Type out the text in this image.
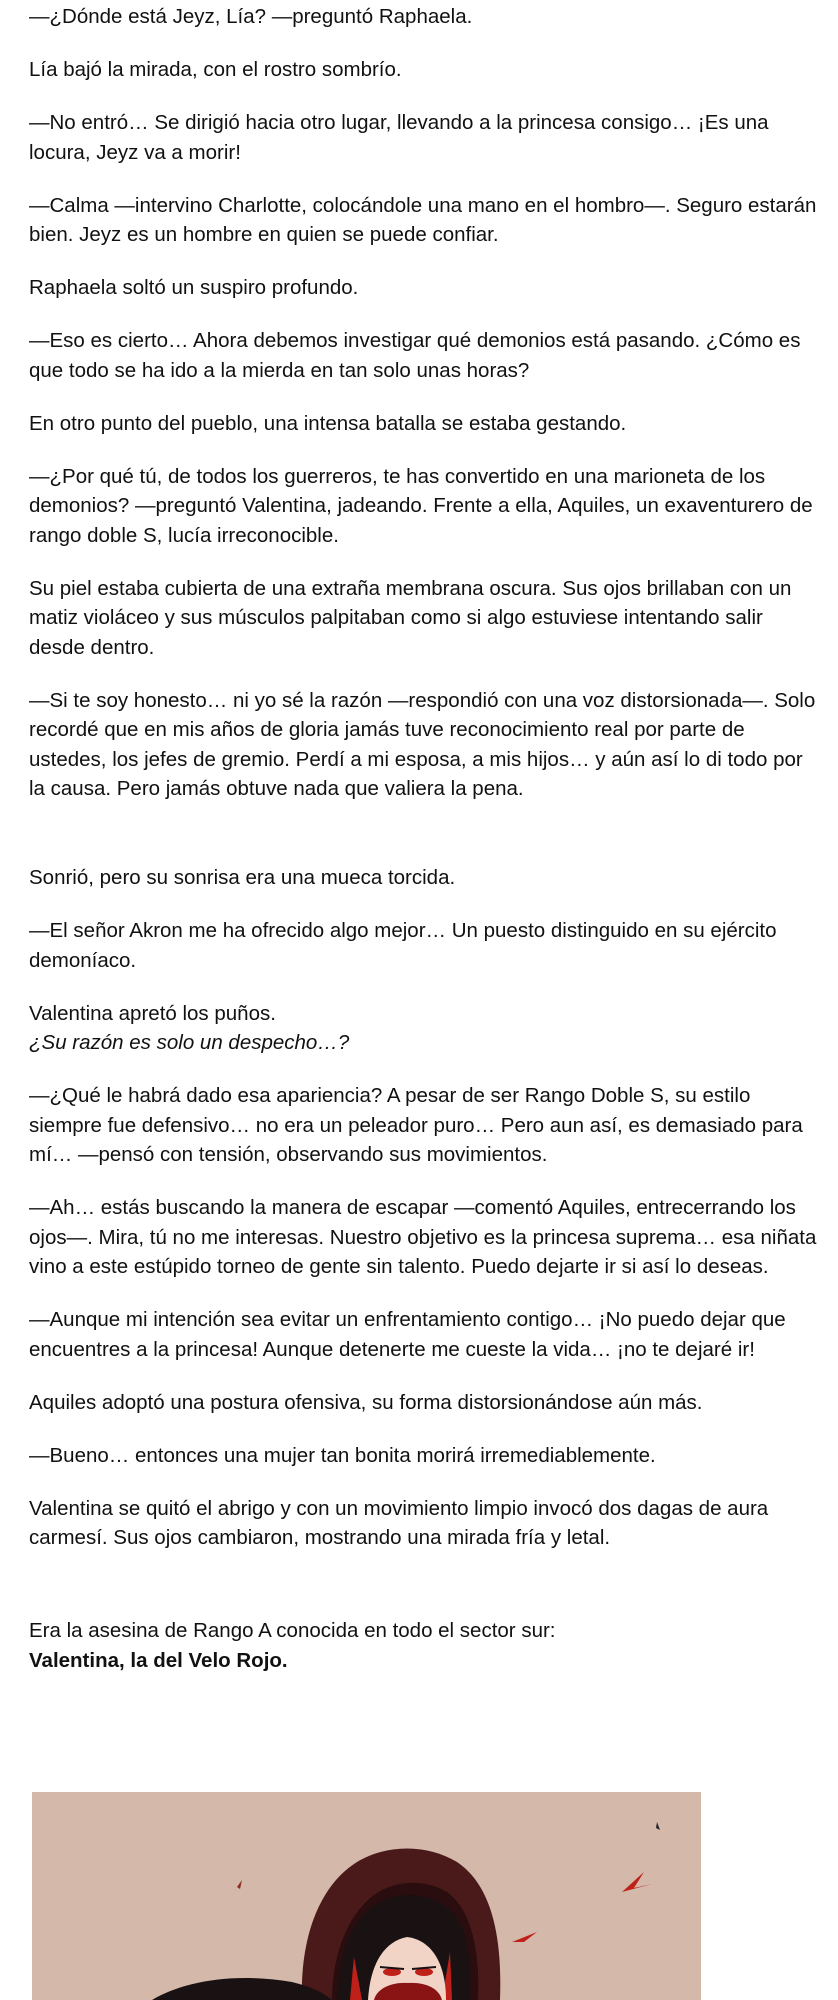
—¿Dónde está Jeyz, Lía? —preguntó Raphaela.

Lía bajó la mirada, con el rostro sombrío.

—No entró… Se dirigió hacia otro lugar, llevando a la princesa consigo… ¡Es una locura, Jeyz va a morir!

—Calma —intervino Charlotte, colocándole una mano en el hombro—. Seguro estarán bien. Jeyz es un hombre en quien se puede confiar.

Raphaela soltó un suspiro profundo.

—Eso es cierto… Ahora debemos investigar qué demonios está pasando. ¿Cómo es que todo se ha ido a la mierda en tan solo unas horas?

En otro punto del pueblo, una intensa batalla se estaba gestando.

—¿Por qué tú, de todos los guerreros, te has convertido en una marioneta de los demonios? —preguntó Valentina, jadeando. Frente a ella, Aquiles, un exaventurero de rango doble S, lucía irreconocible.

Su piel estaba cubierta de una extraña membrana oscura. Sus ojos brillaban con un matiz violáceo y sus músculos palpitaban como si algo estuviese intentando salir desde dentro.

—Si te soy honesto… ni yo sé la razón —respondió con una voz distorsionada—. Solo recordé que en mis años de gloria jamás tuve reconocimiento real por parte de ustedes, los jefes de gremio. Perdí a mi esposa, a mis hijos… y aún así lo di todo por la causa. Pero jamás obtuve nada que valiera la pena.

Sonrió, pero su sonrisa era una mueca torcida.

—El señor Akron me ha ofrecido algo mejor… Un puesto distinguido en su ejército demoníaco.

Valentina apretó los puños.

¿Su razón es solo un despecho…?

—¿Qué le habrá dado esa apariencia? A pesar de ser Rango Doble S, su estilo siempre fue defensivo… no era un peleador puro… Pero aun así, es demasiado para mí… —pensó con tensión, observando sus movimientos.

—Ah… estás buscando la manera de escapar —comentó Aquiles, entrecerrando los ojos—. Mira, tú no me interesas. Nuestro objetivo es la princesa suprema… esa niñata vino a este estúpido torneo de gente sin talento. Puedo dejarte ir si así lo deseas.

—Aunque mi intención sea evitar un enfrentamiento contigo… ¡No puedo dejar que encuentres a la princesa! Aunque detenerte me cueste la vida… ¡no te dejaré ir!

Aquiles adoptó una postura ofensiva, su forma distorsionándose aún más.

—Bueno… entonces una mujer tan bonita morirá irremediablemente.

Valentina se quitó el abrigo y con un movimiento limpio invocó dos dagas de aura carmesí. Sus ojos cambiaron, mostrando una mirada fría y letal.

Era la asesina de Rango A conocida en todo el sector sur:

Valentina, la del Velo Rojo.
